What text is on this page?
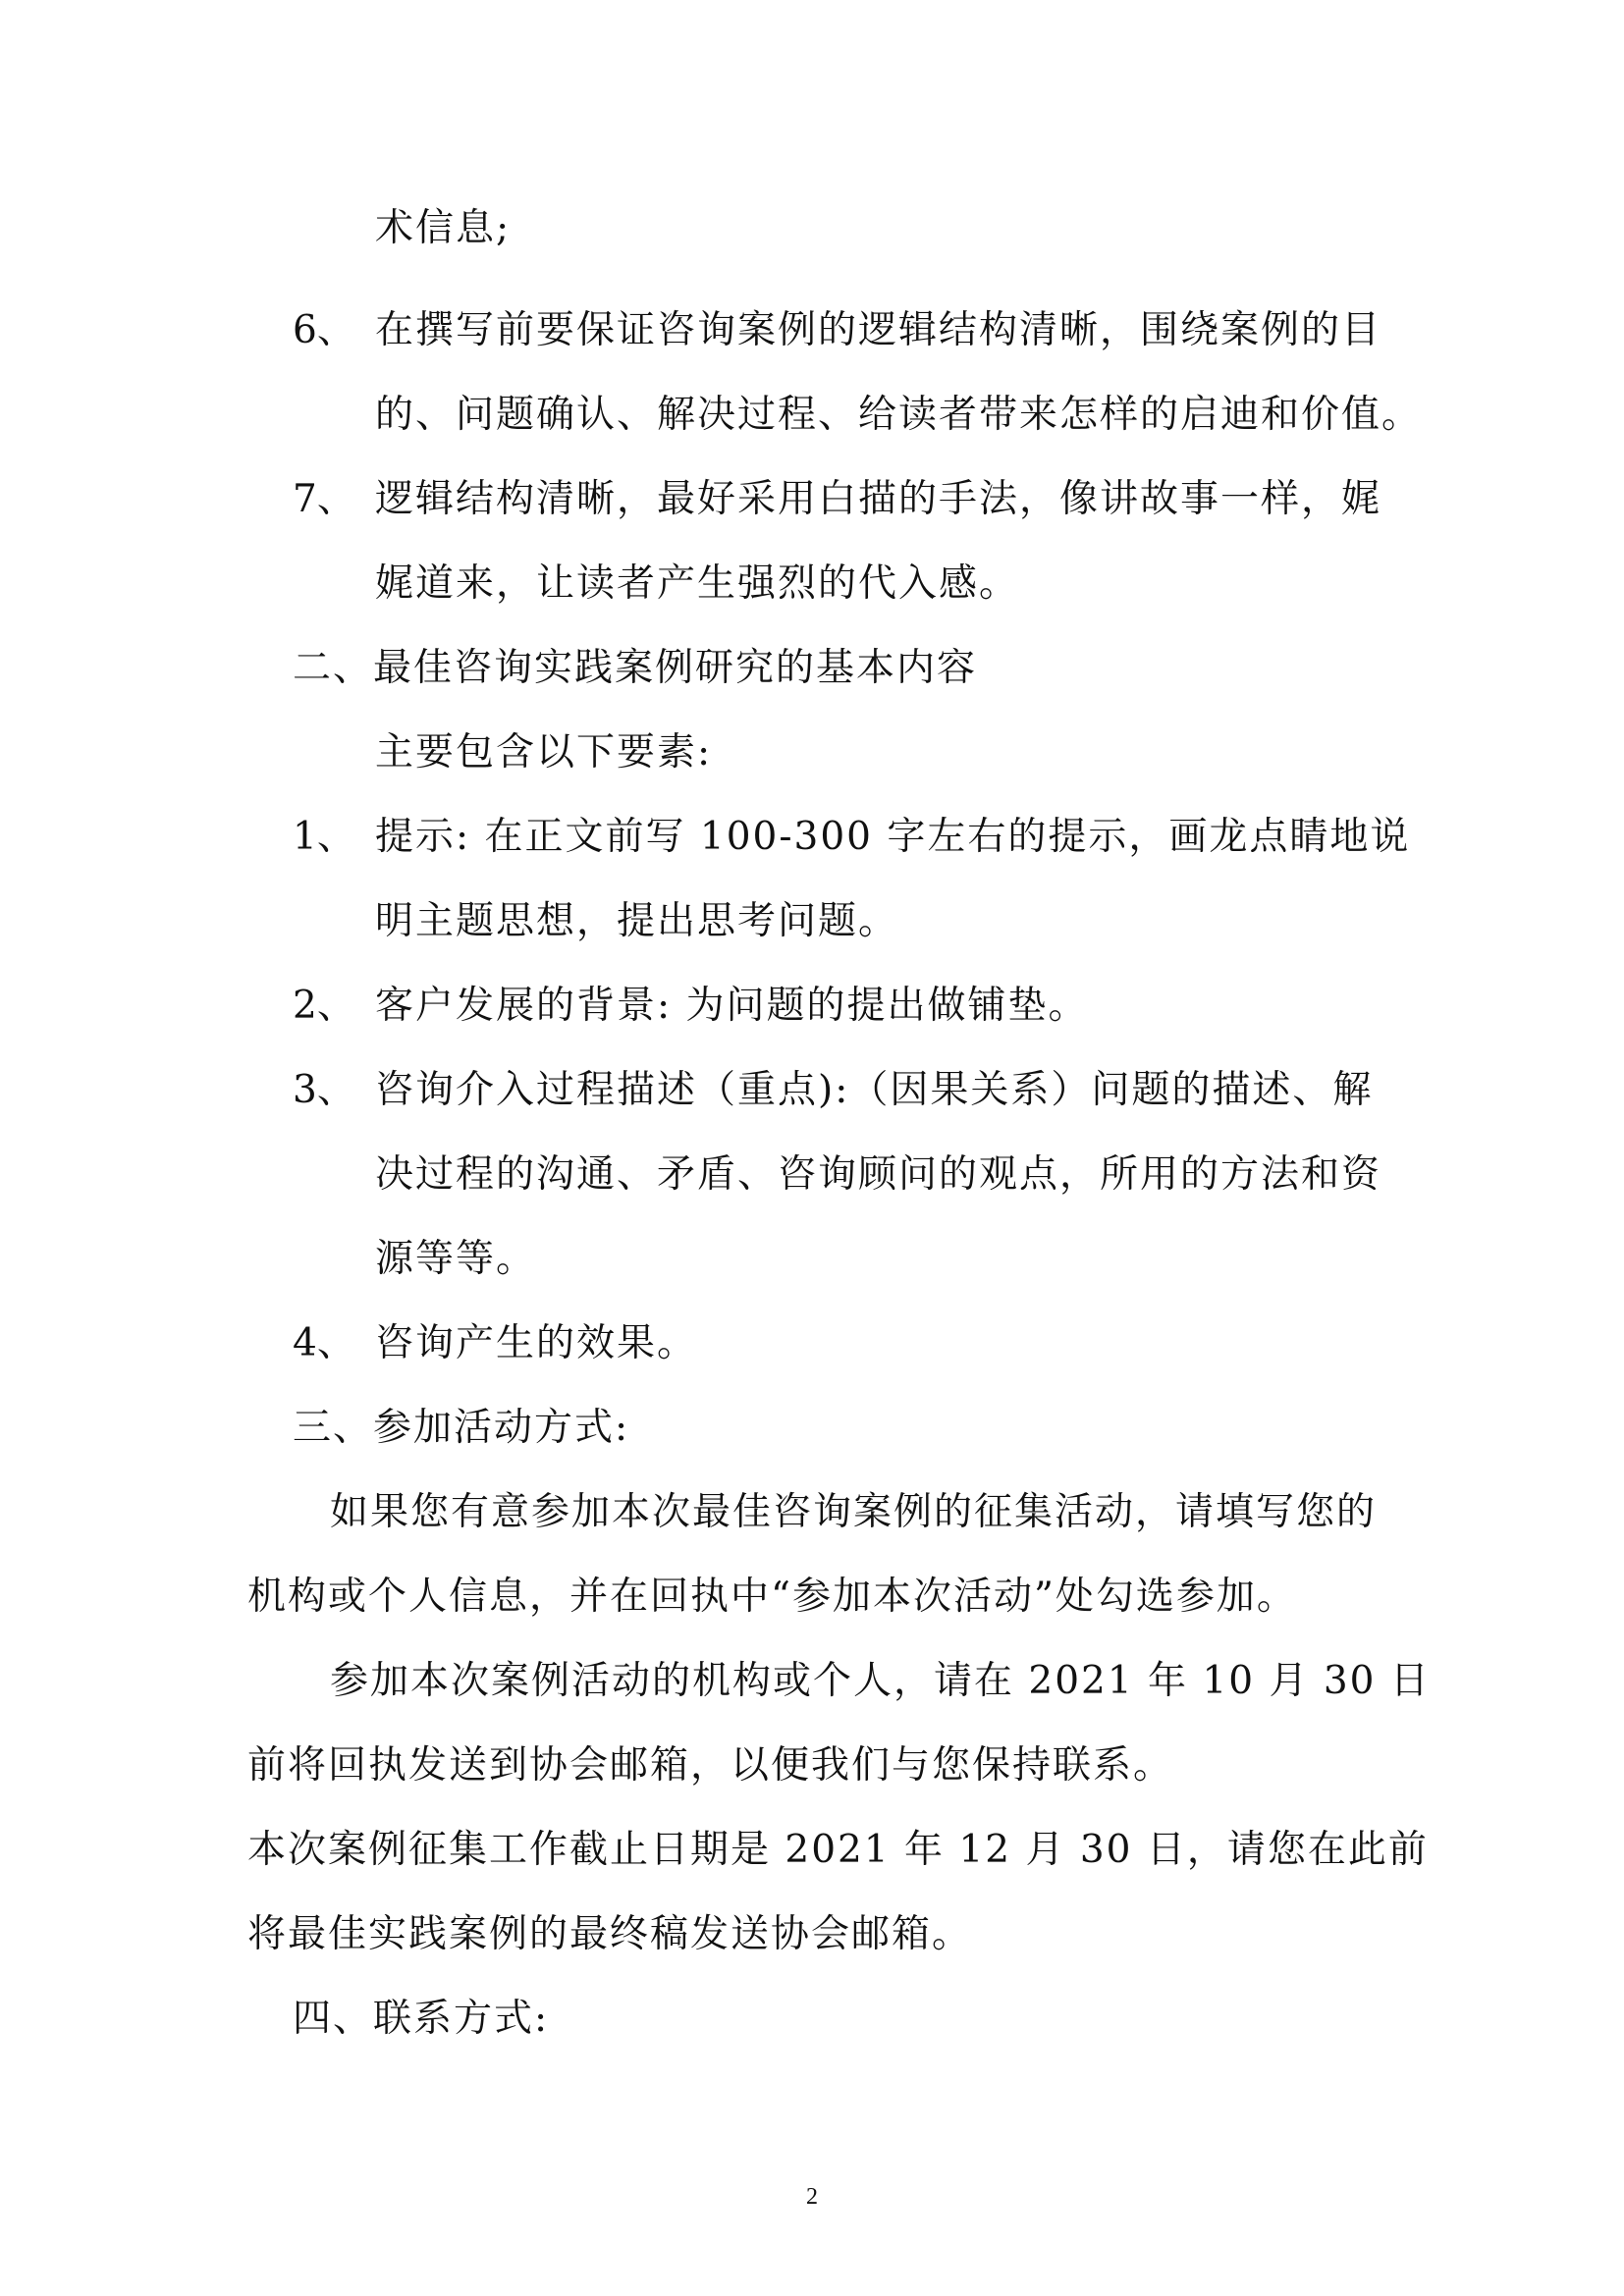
术信息;
6、 在撰写前要保证咨询案例的逻辑结构清晰，围绕案例的目
的、问题确认、解决过程、给读者带来怎样的启迪和价值。
7、 逻辑结构清晰，最好采用白描的手法，像讲故事一样，娓
娓道来，让读者产生强烈的代入感。
二、最佳咨询实践案例研究的基本内容
主要包含以下要素:
1、 提示: 在正文前写 100-300 字左右的提示，画龙点睛地说
明主题思想，提出思考问题。
2、 客户发展的背景: 为问题的提出做铺垫。
3、 咨询介入过程描述（重点):（因果关系）问题的描述、解
决过程的沟通、矛盾、咨询顾问的观点，所用的方法和资
源等等。
4、 咨询产生的效果。
三、参加活动方式:
如果您有意参加本次最佳咨询案例的征集活动，请填写您的
机构或个人信息，并在回执中“参加本次活动”处勾选参加。
参加本次案例活动的机构或个人，请在 2021 年 10 月 30 日
前将回执发送到协会邮箱，以便我们与您保持联系。
本次案例征集工作截止日期是 2021 年 12 月 30 日，请您在此前
将最佳实践案例的最终稿发送协会邮箱。
四、联系方式:
2
